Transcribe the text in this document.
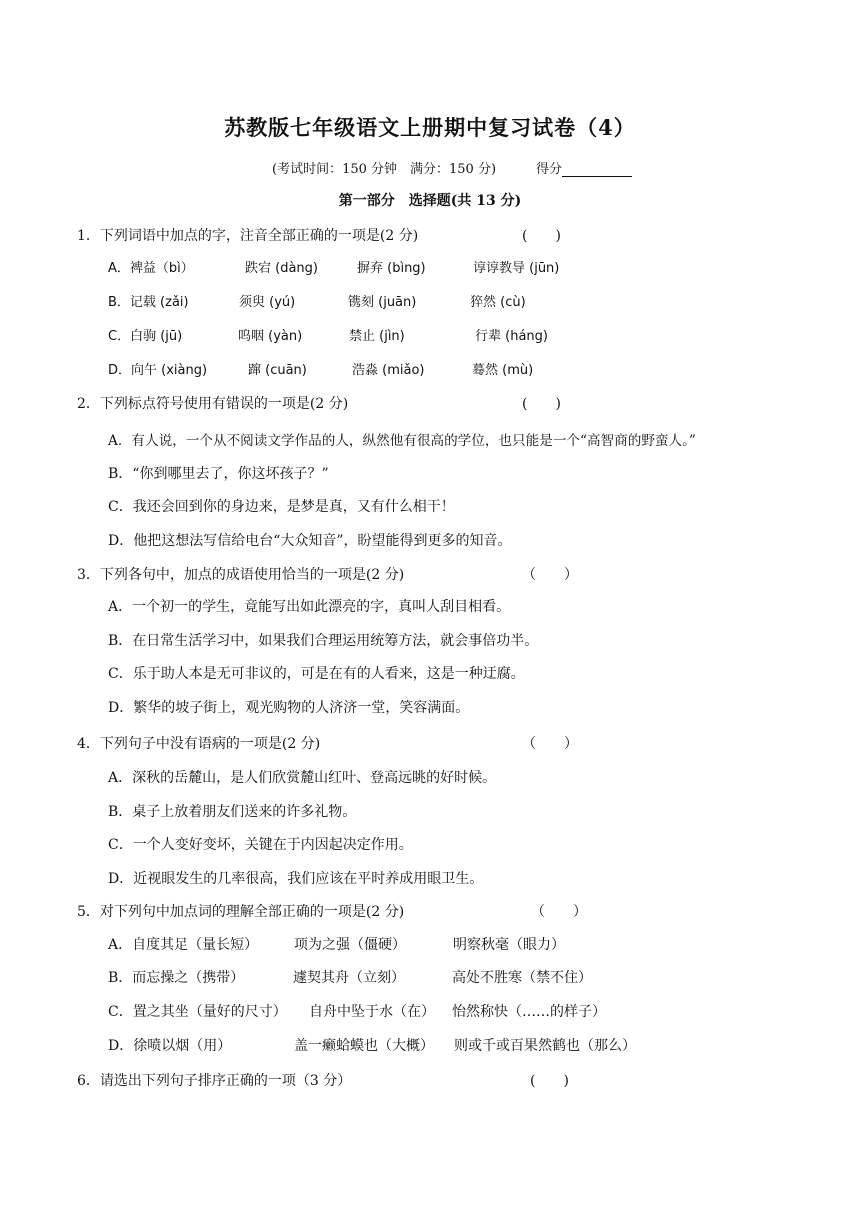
苏教版七年级语文上册期中复习试卷（4）
(考试时间：150 分钟　满分：150 分)	得分
第一部分　选择题(共 13 分)
1．下列词语中加点的字，注音全部正确的一项是(2 分)	(　　)
A．裨益（bì）	跌宕 (dàng)	摒弃 (bìng)	谆谆教导 (jūn)
B．记载 (zǎi)	须臾 (yú)	镌刻 (juān)	猝然 (cù)
C．白驹 (jū)	呜咽 (yàn)	禁止 (jìn)	行辈 (háng)
D．向午 (xiàng)	蹿 (cuān)	浩淼 (miǎo)	蓦然 (mù)
2．下列标点符号使用有错误的一项是(2 分)	(　　)
A．有人说，一个从不阅读文学作品的人，纵然他有很高的学位，也只能是一个“高智商的野蛮人。”
B．“你到哪里去了，你这坏孩子？”
C．我还会回到你的身边来，是梦是真，又有什么相干！
D．他把这想法写信给电台“大众知音”，盼望能得到更多的知音。
3．下列各句中，加点的成语使用恰当的一项是(2 分)	（　　）
A．一个初一的学生，竟能写出如此漂亮的字，真叫人刮目相看。
B．在日常生活学习中，如果我们合理运用统筹方法，就会事倍功半。
C．乐于助人本是无可非议的，可是在有的人看来，这是一种迂腐。
D．繁华的坡子街上，观光购物的人济济一堂，笑容满面。
4．下列句子中没有语病的一项是(2 分)	（　　）
A．深秋的岳麓山，是人们欣赏麓山红叶、登高远眺的好时候。
B．桌子上放着朋友们送来的许多礼物。
C．一个人变好变坏，关键在于内因起决定作用。
D．近视眼发生的几率很高，我们应该在平时养成用眼卫生。
5．对下列句中加点词的理解全部正确的一项是(2 分)	（　　）
A．自度其足（量长短）	项为之强（僵硬）	明察秋毫（眼力）
B．而忘操之（携带）	遽契其舟（立刻）	高处不胜寒（禁不住）
C．置之其坐（量好的尺寸） 自舟中坠于水（在） 怡然称快（……的样子）
D．徐喷以烟（用）	盖一癞蛤蟆也（大概） 则或千或百果然鹤也（那么）
6．请选出下列句子排序正确的一项（3 分）	(　　)
